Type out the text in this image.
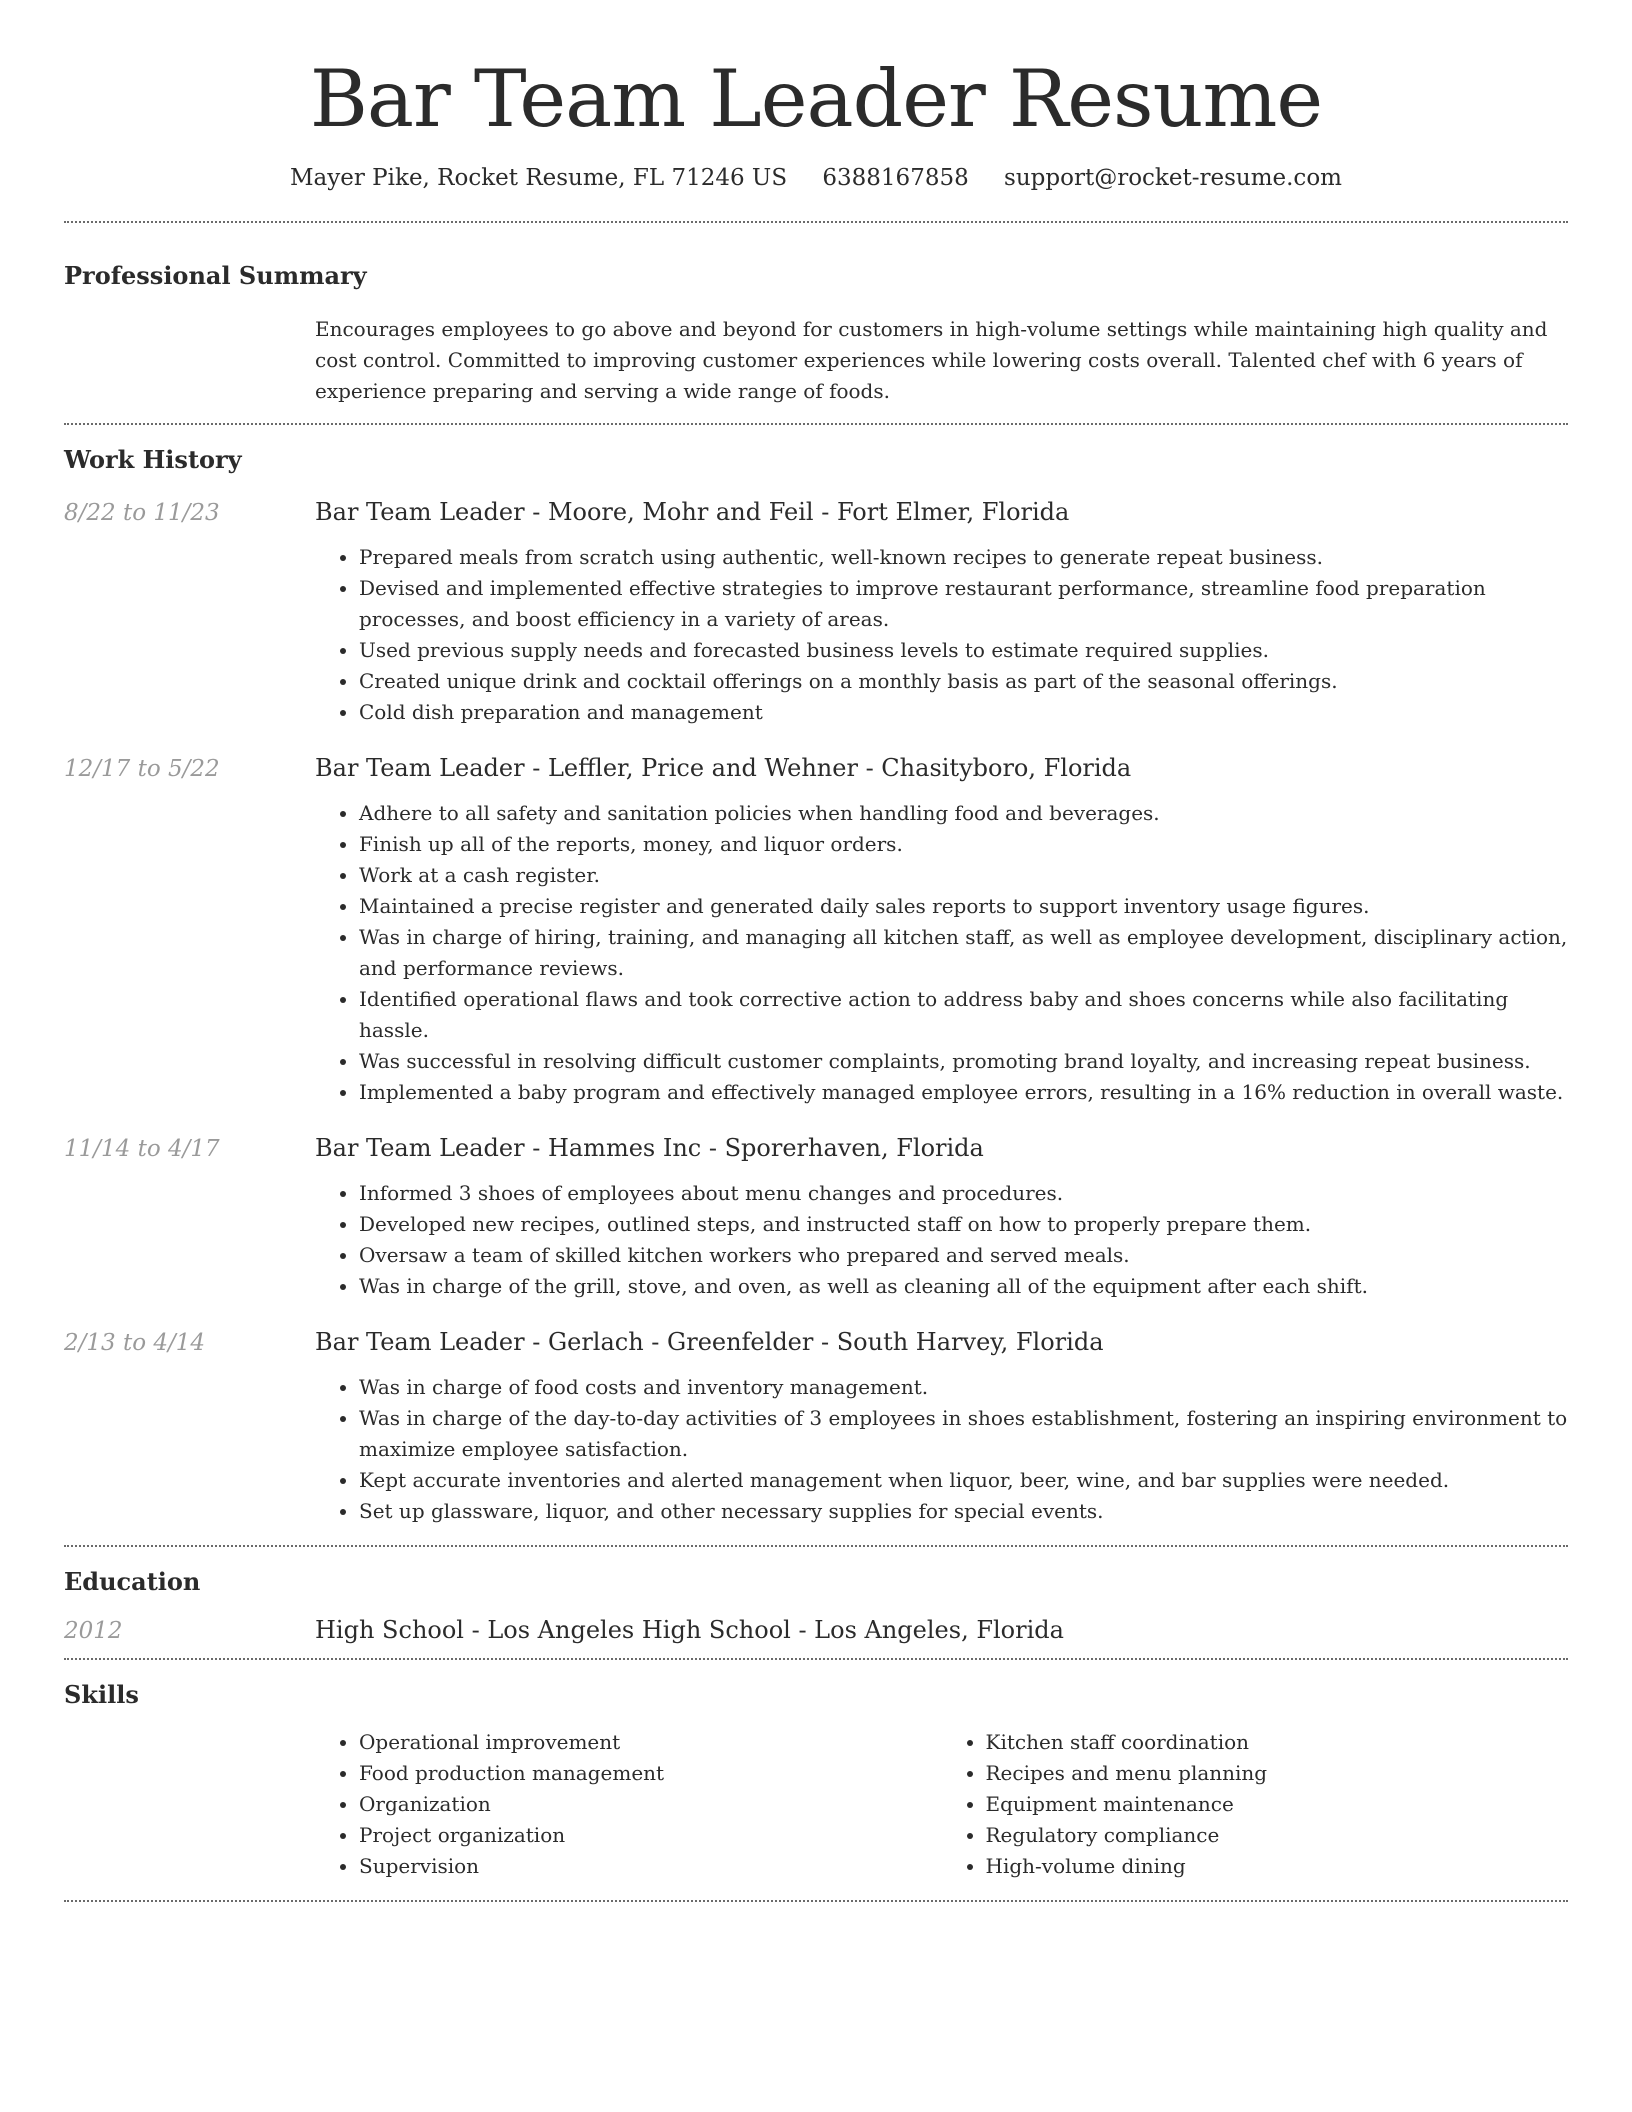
Bar Team Leader Resume
Mayer Pike, Rocket Resume, FL 71246 US 6388167858 support@rocket-resume.com
Professional Summary
Encourages employees to go above and beyond for customers in high-volume settings while maintaining high quality and cost control. Committed to improving customer experiences while lowering costs overall. Talented chef with 6 years of experience preparing and serving a wide range of foods.
Work History
8/22 to 11/23	Bar Team Leader - Moore, Mohr and Feil - Fort Elmer, Florida
• Prepared meals from scratch using authentic, well-known recipes to generate repeat business.
• Devised and implemented effective strategies to improve restaurant performance, streamline food preparation processes, and boost efficiency in a variety of areas.
• Used previous supply needs and forecasted business levels to estimate required supplies.
• Created unique drink and cocktail offerings on a monthly basis as part of the seasonal offerings.
• Cold dish preparation and management
12/17 to 5/22	Bar Team Leader - Leffler, Price and Wehner - Chasityboro, Florida
• Adhere to all safety and sanitation policies when handling food and beverages.
• Finish up all of the reports, money, and liquor orders.
• Work at a cash register.
• Maintained a precise register and generated daily sales reports to support inventory usage figures.
• Was in charge of hiring, training, and managing all kitchen staff, as well as employee development, disciplinary action, and performance reviews.
• Identified operational flaws and took corrective action to address baby and shoes concerns while also facilitating hassle.
• Was successful in resolving difficult customer complaints, promoting brand loyalty, and increasing repeat business.
• Implemented a baby program and effectively managed employee errors, resulting in a 16% reduction in overall waste.
11/14 to 4/17	Bar Team Leader - Hammes Inc - Sporerhaven, Florida
• Informed 3 shoes of employees about menu changes and procedures.
• Developed new recipes, outlined steps, and instructed staff on how to properly prepare them.
• Oversaw a team of skilled kitchen workers who prepared and served meals.
• Was in charge of the grill, stove, and oven, as well as cleaning all of the equipment after each shift.
2/13 to 4/14	Bar Team Leader - Gerlach - Greenfelder - South Harvey, Florida
• Was in charge of food costs and inventory management.
• Was in charge of the day-to-day activities of 3 employees in shoes establishment, fostering an inspiring environment to maximize employee satisfaction.
• Kept accurate inventories and alerted management when liquor, beer, wine, and bar supplies were needed.
• Set up glassware, liquor, and other necessary supplies for special events.
Education
2012	High School - Los Angeles High School - Los Angeles, Florida
Skills
• Operational improvement
• Food production management
• Organization
• Project organization
• Supervision
• Kitchen staff coordination
• Recipes and menu planning
• Equipment maintenance
• Regulatory compliance
• High-volume dining
